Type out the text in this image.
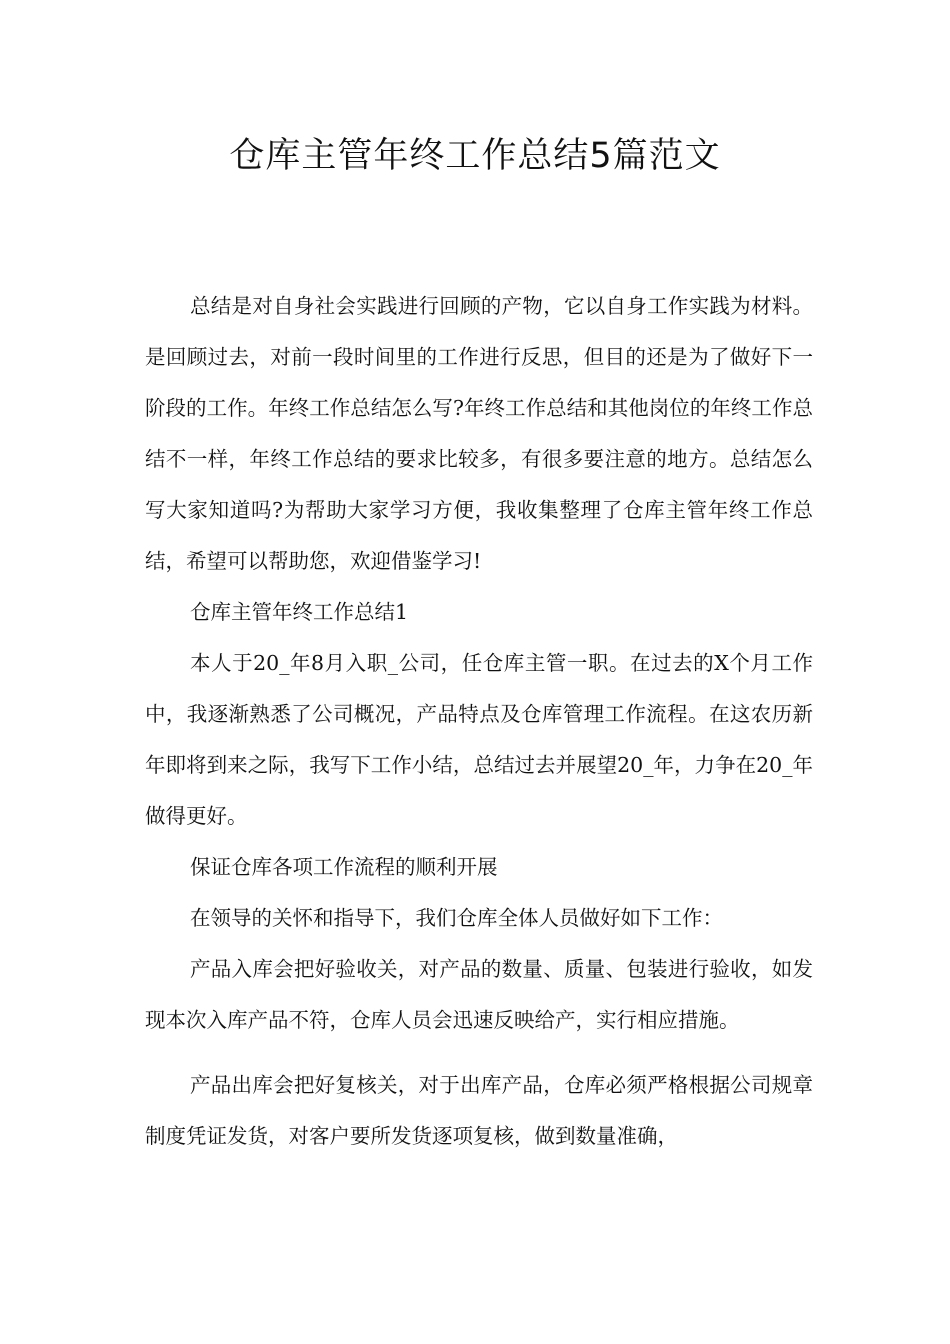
仓库主管年终工作总结5篇范文

总结是对自身社会实践进行回顾的产物，它以自身工作实践为材料。是回顾过去，对前一段时间里的工作进行反思，但目的还是为了做好下一阶段的工作。年终工作总结怎么写?年终工作总结和其他岗位的年终工作总结不一样，年终工作总结的要求比较多，有很多要注意的地方。总结怎么写大家知道吗?为帮助大家学习方便，我收集整理了仓库主管年终工作总结，希望可以帮助您，欢迎借鉴学习!

仓库主管年终工作总结1

本人于20_年8月入职_公司，任仓库主管一职。在过去的X个月工作中，我逐渐熟悉了公司概况，产品特点及仓库管理工作流程。在这农历新年即将到来之际，我写下工作小结，总结过去并展望20_年，力争在20_年做得更好。

保证仓库各项工作流程的顺利开展

在领导的关怀和指导下，我们仓库全体人员做好如下工作：

产品入库会把好验收关，对产品的数量、质量、包装进行验收，如发现本次入库产品不符，仓库人员会迅速反映给产，实行相应措施。

产品出库会把好复核关，对于出库产品，仓库必须严格根据公司规章制度凭证发货，对客户要所发货逐项复核，做到数量准确，
